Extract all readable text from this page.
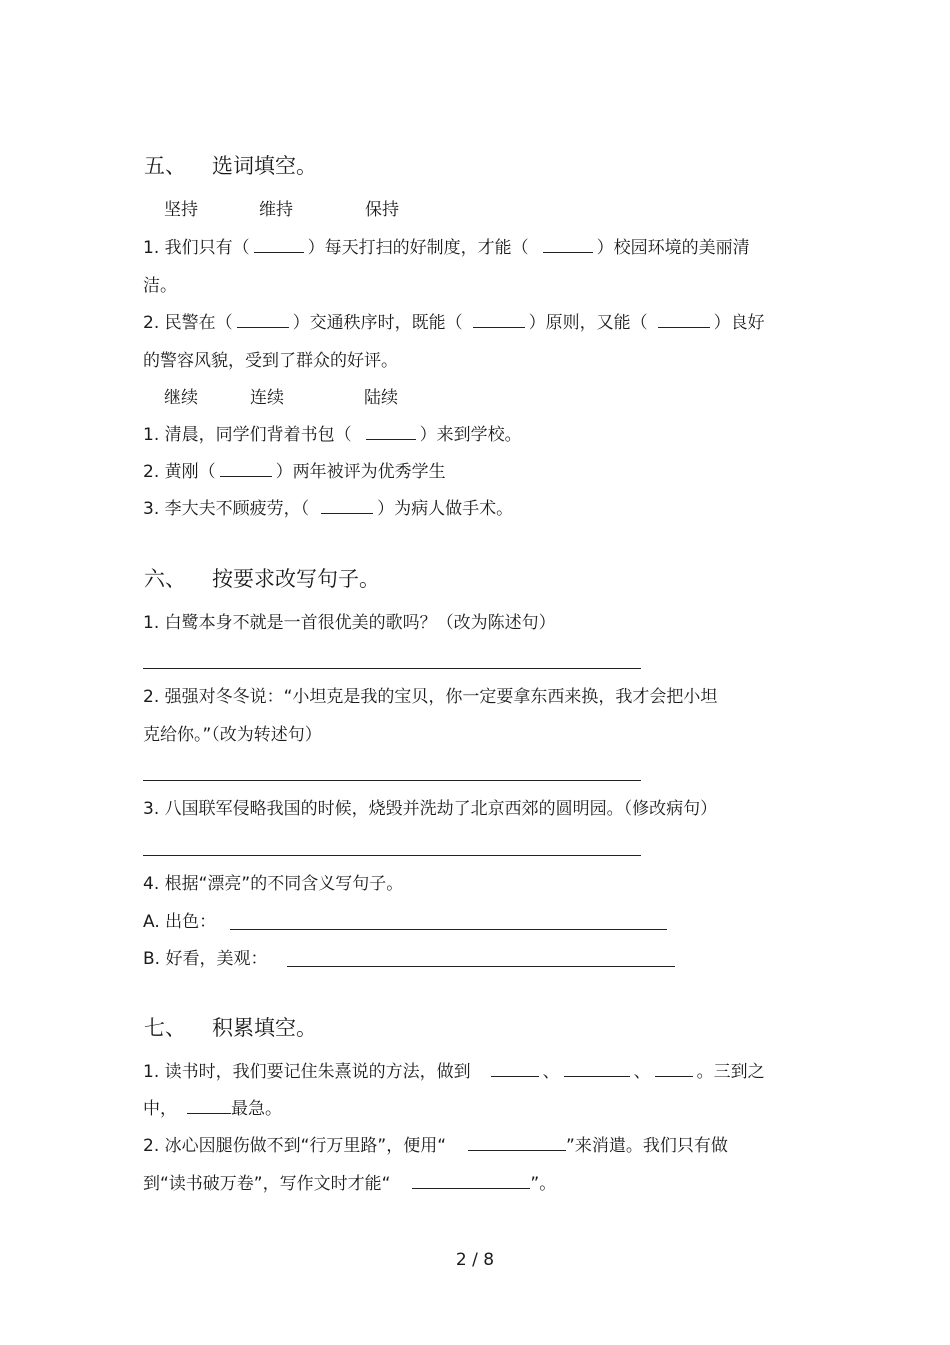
五、 选词填空。
坚持	维持	保持
1. 我们只有（	）每天打扫的好制度，才能（	）校园环境的美丽清
洁。
2. 民警在（	）交通秩序时，既能（	）原则，又能（	）良好
的警容风貌，受到了群众的好评。
继续	连续	陆续
1. 清晨，同学们背着书包（	）来到学校。
2. 黄刚（	）两年被评为优秀学生
3. 李大夫不顾疲劳，（	）为病人做手术。
六、 按要求改写句子。
1. 白鹭本身不就是一首很优美的歌吗？（改为陈述句）
2. 强强对冬冬说：“小坦克是我的宝贝，你一定要拿东西来换，我才会把小坦
克给你。”（改为转述句）
3. 八国联军侵略我国的时候，烧毁并洗劫了北京西郊的圆明园。（修改病句）
4. 根据“漂亮”的不同含义写句子。
A. 出色：
B. 好看，美观：
七、 积累填空。
1. 读书时，我们要记住朱熹说的方法，做到	、	、	。三到之
中，	最急。
2. 冰心因腿伤做不到“行万里路”，便用“	”来消遣。我们只有做
到“读书破万卷”，写作文时才能“	”。
2 / 8
